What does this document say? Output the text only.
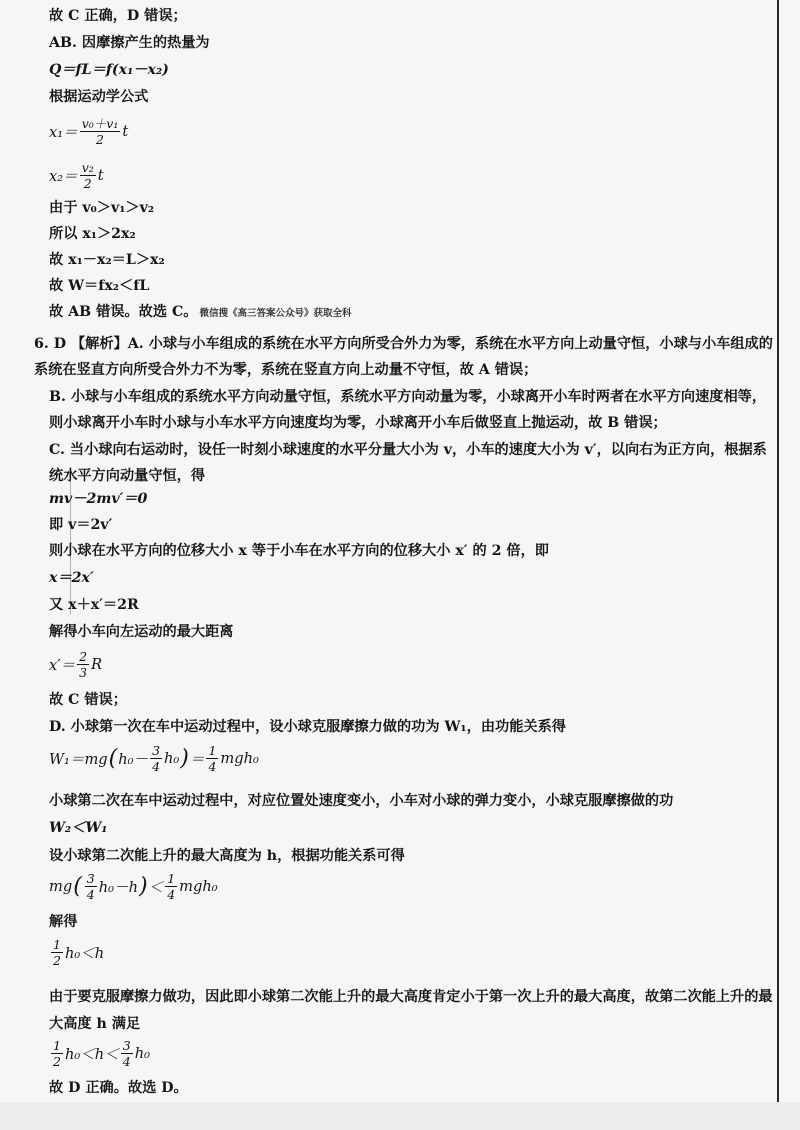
故 C 正确，D 错误；
AB. 因摩擦产生的热量为
Q＝fL＝f(x₁－x₂)
根据运动学公式
$x_1= \frac{\text{v₀＋v₁}}{2}$ t
$x_2= \frac{\text{v₂}}{2}$ t
由于 v₀＞v₁＞v₂
所以 x₁＞2x₂
故 x₁－x₂＝L＞x₂
故 W＝fx₂＜fL
故 AB 错误。故选 C。 微信搜《高三答案公众号》获取全科
6. D 【解析】A. 小球与小车组成的系统在水平方向所受合外力为零，系统在水平方向上动量守恒，小球与小车组成的系统在竖直方向所受合外力不为零，系统在竖直方向上动量不守恒，故 A 错误；
B. 小球与小车组成的系统水平方向动量守恒，系统水平方向动量为零，小球离开小车时两者在水平方向速度相等，则小球离开小车时小球与小车水平方向速度均为零，小球离开小车后做竖直上抛运动，故 B 错误；
C. 当小球向右运动时，设任一时刻小球速度的水平分量大小为 v，小车的速度大小为 v′，以向右为正方向，根据系统水平方向动量守恒，得
mv－2mv′＝0
即 v＝2v′
则小球在水平方向的位移大小 x 等于小车在水平方向的位移大小 x′ 的 2 倍，即
x＝2x′
又 x＋x′＝2R
解得小车向左运动的最大距离
$x'= \frac{2}{3}$ R
故 C 错误；
D. 小球第一次在车中运动过程中，设小球克服摩擦力做的功为 W₁，由功能关系得
W₁＝mg ( $h_0- \frac{3}{4} h_0$ ) ＝ $\frac{1}{4} mgh_0$
小球第二次在车中运动过程中，对应位置处速度变小，小车对小球的弹力变小，小球克服摩擦做的功
W₂＜W₁
设小球第二次能上升的最大高度为 h，根据功能关系可得
mg ( $\frac{3}{4} h_0-h$ ) ＜ $\frac{1}{4} mgh_0$
解得
$\frac{1}{2} h_0<h$
由于要克服摩擦力做功，因此即小球第二次能上升的最大高度肯定小于第一次上升的最大高度，故第二次能上升的最大高度 h 满足
$\frac{1}{2} h_0<h< \frac{3}{4} h_0$
故 D 正确。故选 D。
